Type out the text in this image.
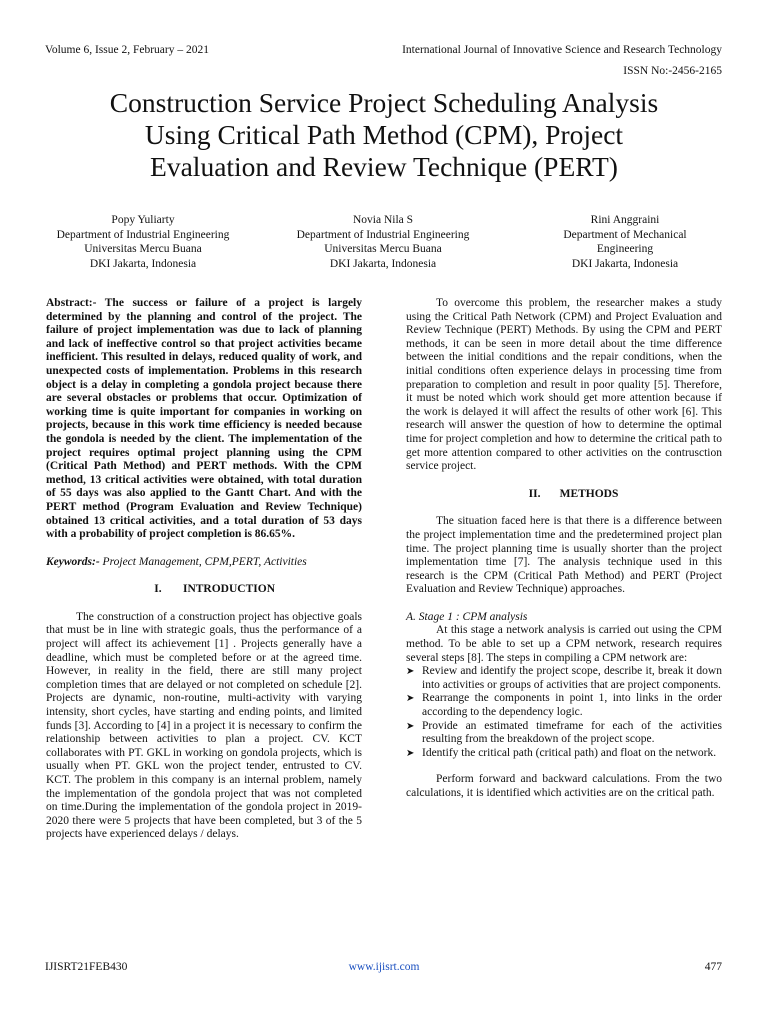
Volume 6, Issue 2, February – 2021	International Journal of Innovative Science and Research Technology
ISSN No:-2456-2165
Construction Service Project Scheduling Analysis
Using Critical Path Method (CPM), Project
Evaluation and Review Technique (PERT)
Popy Yuliarty
Department of Industrial Engineering
Universitas Mercu Buana
DKI Jakarta, Indonesia
Novia Nila S
Department of Industrial Engineering
Universitas Mercu Buana
DKI Jakarta, Indonesia
Rini Anggraini
Department of Mechanical
Engineering
DKI Jakarta, Indonesia

Abstract:- The success or failure of a project is largely determined by the planning and control of the project. The failure of project implementation was due to lack of planning and lack of ineffective control so that project activities became inefficient. This resulted in delays, reduced quality of work, and unexpected costs of implementation. Problems in this research object is a delay in completing a gondola project because there are several obstacles or problems that occur. Optimization of working time is quite important for companies in working on projects, because in this work time efficiency is needed because the gondola is needed by the client. The implementation of the project requires optimal project planning using the CPM (Critical Path Method) and PERT methods. With the CPM method, 13 critical activities were obtained, with total duration of 55 days was also applied to the Gantt Chart. And with the PERT method (Program Evaluation and Review Technique) obtained 13 critical activities, and a total duration of 53 days with a probability of project completion is 86.65%.

Keywords:- Project Management, CPM,PERT, Activities

I. INTRODUCTION

The construction of a construction project has objective goals that must be in line with strategic goals, thus the performance of a project will affect its achievement [1] . Projects generally have a deadline, which must be completed before or at the agreed time. However, in reality in the field, there are still many project completion times that are delayed or not completed on schedule [2]. Projects are dynamic, non-routine, multi-activity with varying intensity, short cycles, have starting and ending points, and limited funds [3]. According to [4] in a project it is necessary to confirm the relationship between activities to plan a project. CV. KCT collaborates with PT. GKL in working on gondola projects, which is usually when PT. GKL won the project tender, entrusted to CV. KCT. The problem in this company is an internal problem, namely the implementation of the gondola project that was not completed on time.During the implementation of the gondola project in 2019-2020 there were 5 projects that have been completed, but 3 of the 5 projects have experienced delays / delays.

To overcome this problem, the researcher makes a study using the Critical Path Network (CPM) and Project Evaluation and Review Technique (PERT) Methods. By using the CPM and PERT methods, it can be seen in more detail about the time difference between the initial conditions and the repair conditions, when the initial conditions often experience delays in processing time from preparation to completion and result in poor quality [5]. Therefore, it must be noted which work should get more attention because if the work is delayed it will affect the results of other work [6]. This research will answer the question of how to determine the optimal time for project completion and how to determine the critical path to get more attention compared to other activities on the contrusction service project.

II. METHODS

The situation faced here is that there is a difference between the project implementation time and the predetermined project plan time. The project planning time is usually shorter than the project implementation time [7]. The analysis technique used in this research is the CPM (Critical Path Method) and PERT (Project Evaluation and Review Technique) approaches.

A. Stage 1 : CPM analysis

At this stage a network analysis is carried out using the CPM method. To be able to set up a CPM network, research requires several steps [8]. The steps in compiling a CPM network are:

➤ Review and identify the project scope, describe it, break it down into activities or groups of activities that are project components.
➤ Rearrange the components in point 1, into links in the order according to the dependency logic.
➤ Provide an estimated timeframe for each of the activities resulting from the breakdown of the project scope.
➤ Identify the critical path (critical path) and float on the network.

Perform forward and backward calculations. From the two calculations, it is identified which activities are on the critical path.

IJISRT21FEB430	www.ijisrt.com	477
